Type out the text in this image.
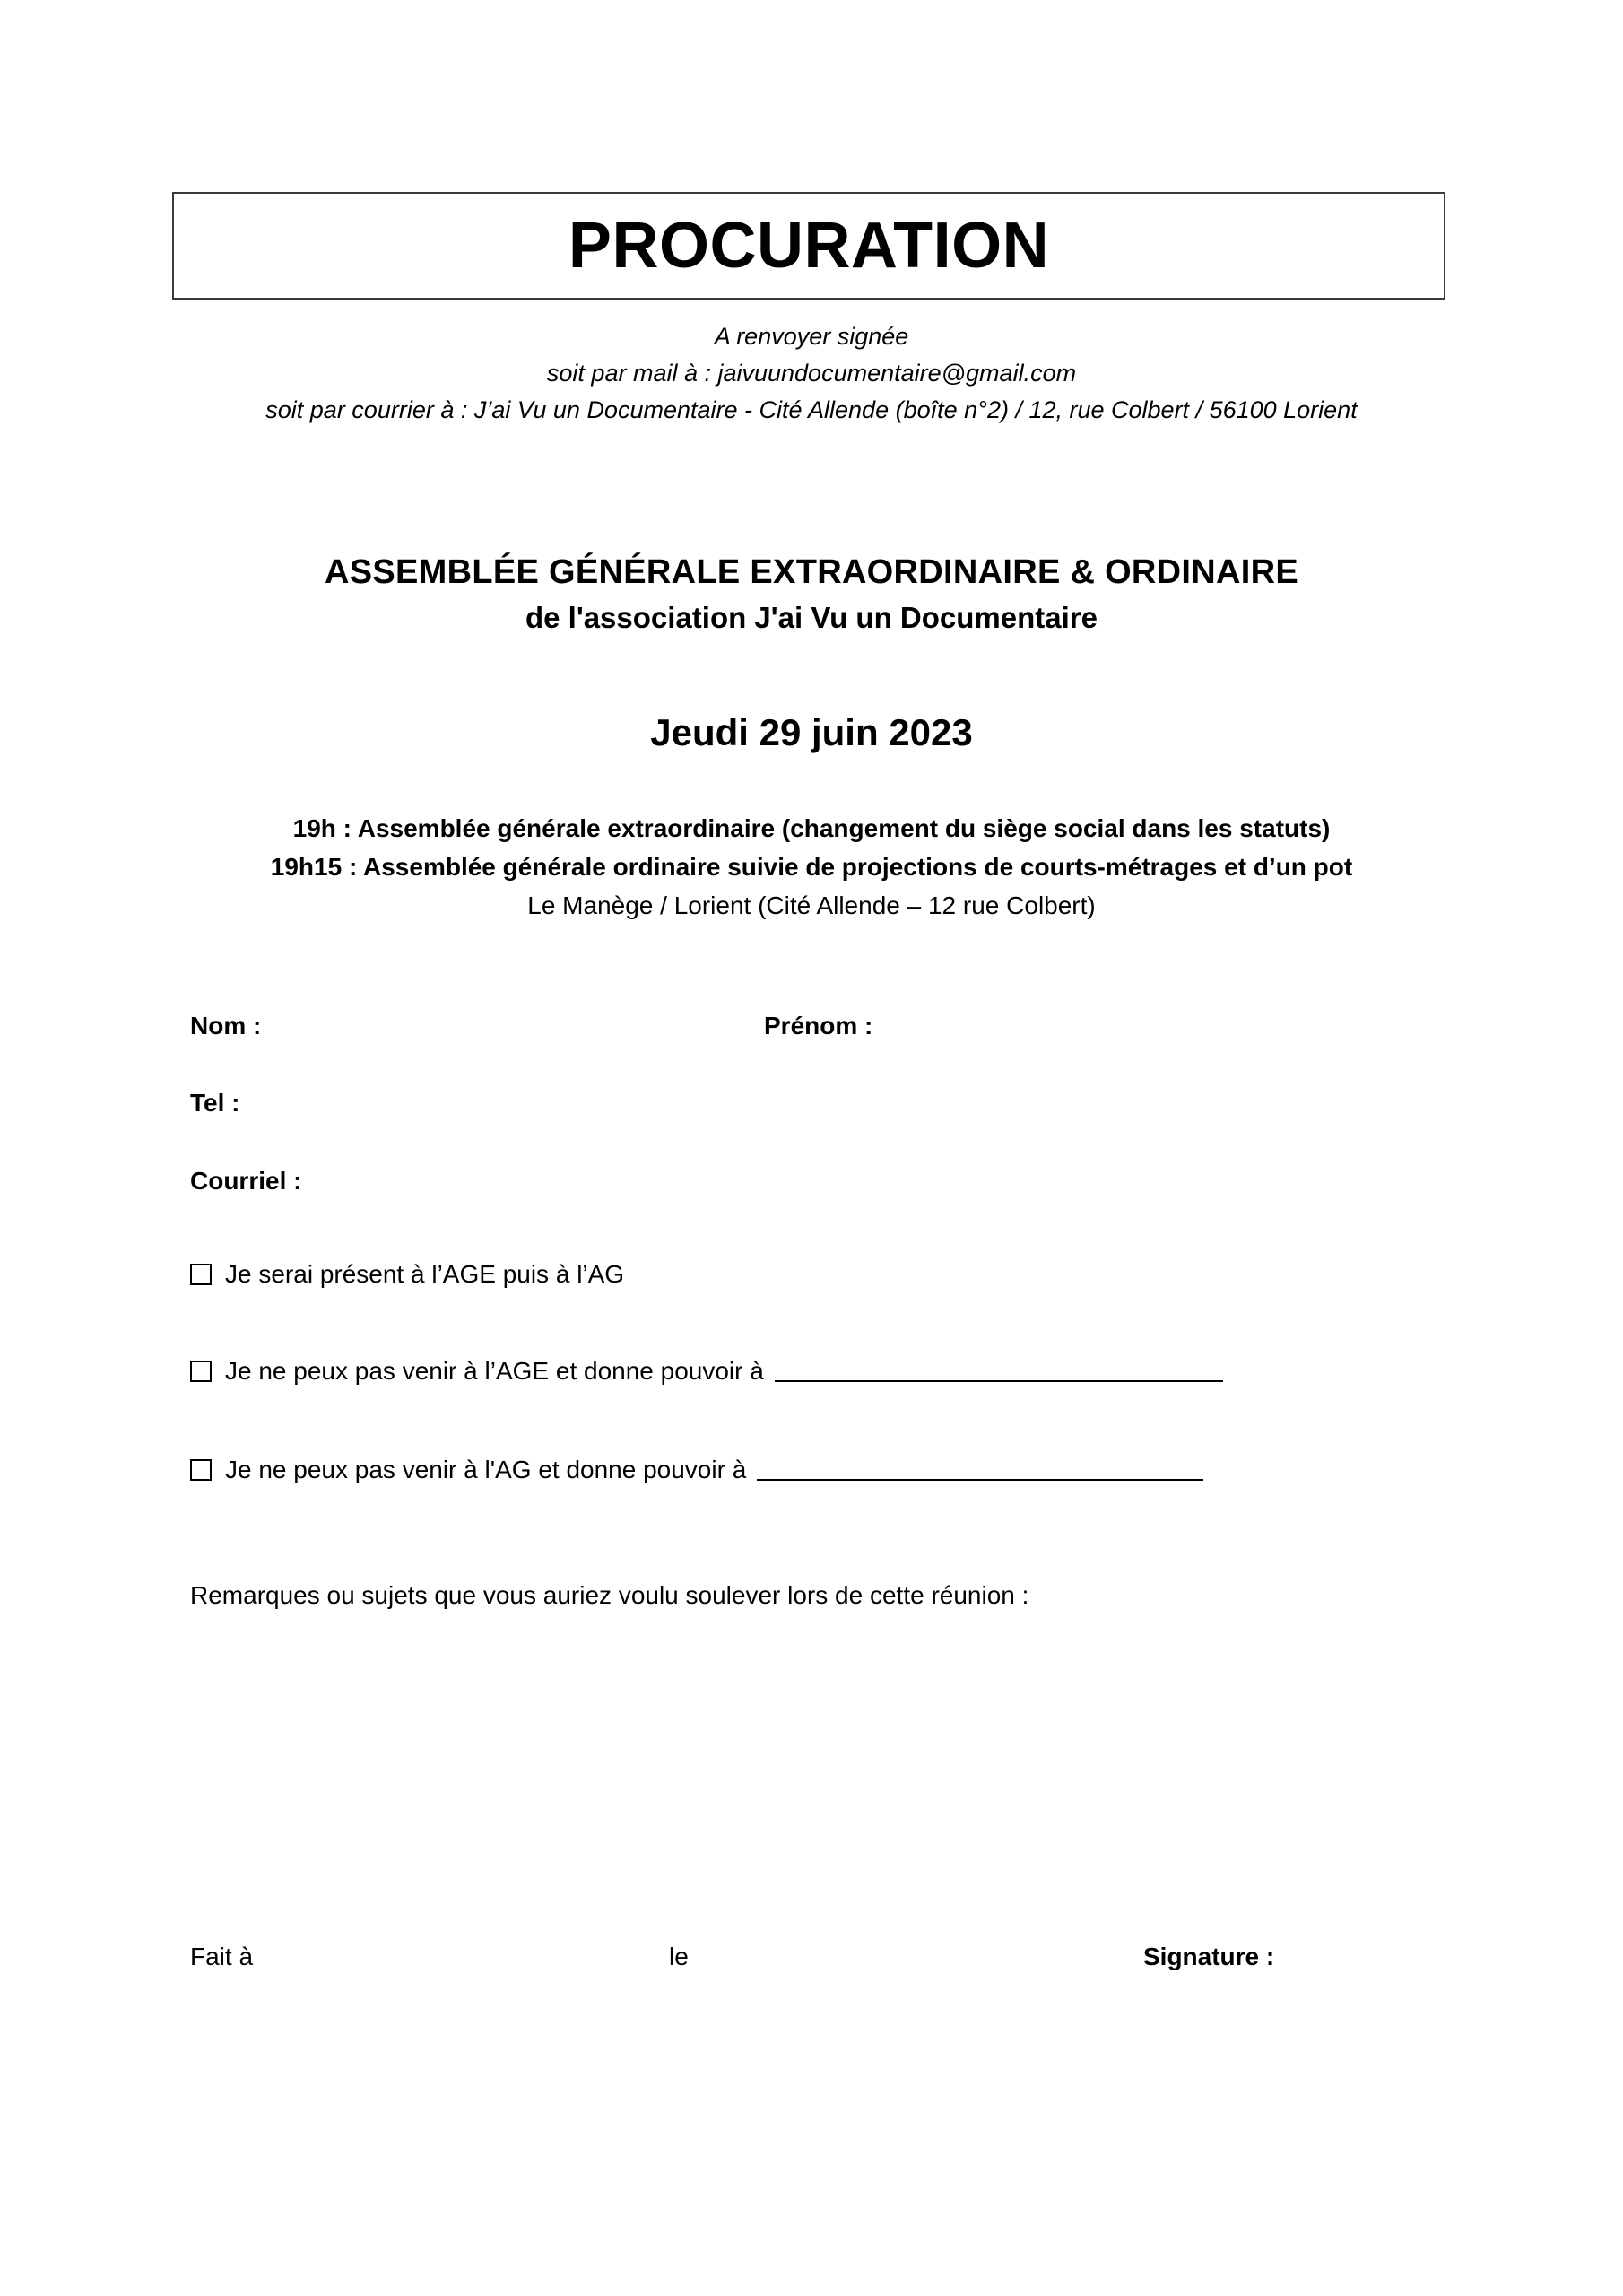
PROCURATION
A renvoyer signée
soit par mail à : jaivuundocumentaire@gmail.com
soit par courrier à : J’ai Vu un Documentaire - Cité Allende (boîte n°2) / 12, rue Colbert / 56100 Lorient
ASSEMBLÉE GÉNÉRALE EXTRAORDINAIRE & ORDINAIRE
de l'association J'ai Vu un Documentaire
Jeudi 29 juin 2023
19h : Assemblée générale extraordinaire (changement du siège social dans les statuts)
19h15 : Assemblée générale ordinaire suivie de projections de courts-métrages et d’un pot
Le Manège / Lorient (Cité Allende – 12 rue Colbert)
Nom :	Prénom :
Tel :
Courriel :
Je serai présent à l’AGE puis à l’AG
Je ne peux pas venir à l’AGE et donne pouvoir à
Je ne peux pas venir à l'AG et donne pouvoir à
Remarques ou sujets que vous auriez voulu soulever lors de cette réunion :
Fait à	le	Signature :
